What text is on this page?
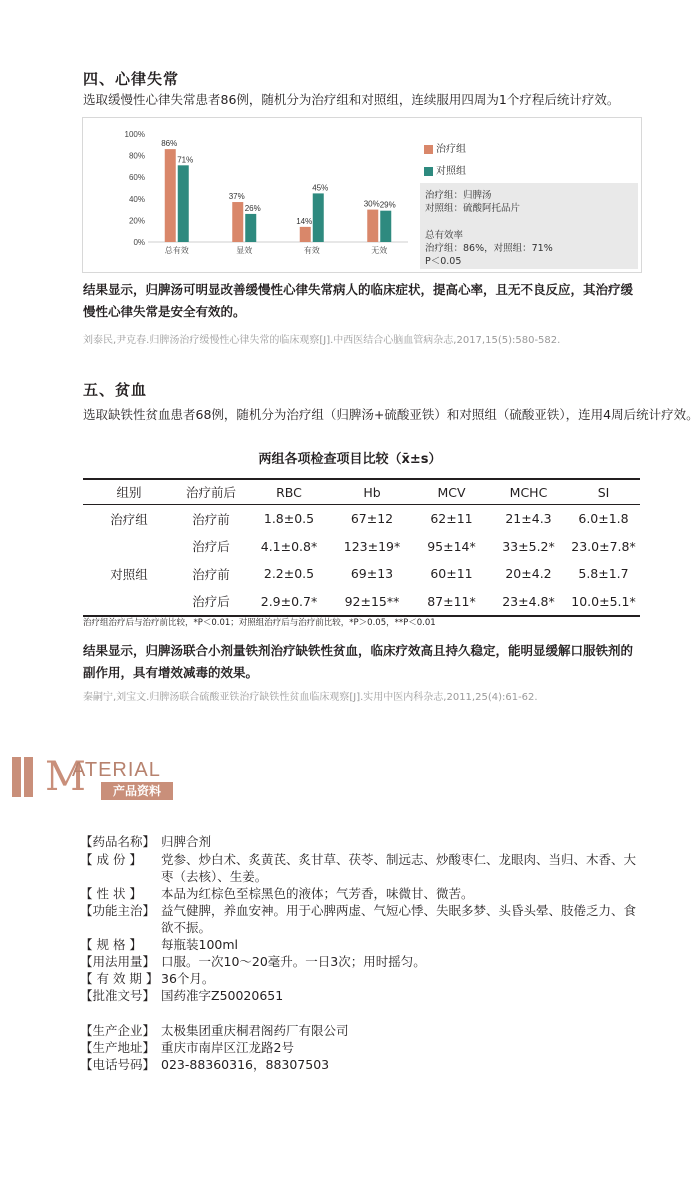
四、心律失常
选取缓慢性心律失常患者86例，随机分为治疗组和对照组，连续服用四周为1个疗程后统计疗效。
0%
20%
40%
60%
80%
100%
86%
71%
总有效
37%
26%
显效
14%
45%
有效
30% 29%
无效
治疗组
对照组
治疗组：归脾汤
对照组：硫酸阿托品片
总有效率
治疗组：86%，对照组：71%
P＜0.05
结果显示，归脾汤可明显改善缓慢性心律失常病人的临床症状，提高心率，且无不良反应，其治疗缓慢性心律失常是安全有效的。
刘泰民,尹克春.归脾汤治疗缓慢性心律失常的临床观察[J].中西医结合心脑血管病杂志,2017,15(5):580-582.
五、贫血
选取缺铁性贫血患者68例，随机分为治疗组（归脾汤+硫酸亚铁）和对照组（硫酸亚铁），连用4周后统计疗效。
两组各项检查项目比较（x̄±s）
组别	治疗前后	RBC	Hb	MCV	MCHC	SI
治疗组	治疗前	1.8±0.5	67±12	62±11	21±4.3	6.0±1.8
	治疗后	4.1±0.8*	123±19*	95±14*	33±5.2*	23.0±7.8*
对照组	治疗前	2.2±0.5	69±13	60±11	20±4.2	5.8±1.7
	治疗后	2.9±0.7*	92±15**	87±11*	23±4.8*	10.0±5.1*
治疗组治疗后与治疗前比较，*P＜0.01；对照组治疗后与治疗前比较，*P＞0.05，**P＜0.01
结果显示，归脾汤联合小剂量铁剂治疗缺铁性贫血，临床疗效高且持久稳定，能明显缓解口服铁剂的副作用，具有增效减毒的效果。
秦嗣宁,刘宝文.归脾汤联合硫酸亚铁治疗缺铁性贫血临床观察[J].实用中医内科杂志,2011,25(4):61-62.
M
ATERIAL
产品资料
【药品名称】 归脾合剂
【 成 份 】	党参、炒白术、炙黄芪、炙甘草、茯苓、制远志、炒酸枣仁、龙眼肉、当归、木香、大枣（去核）、生姜。
【 性 状 】	本品为红棕色至棕黑色的液体；气芳香，味微甘、微苦。
【功能主治】 益气健脾，养血安神。用于心脾两虚、气短心悸、失眠多梦、头昏头晕、肢倦乏力、食欲不振。
【 规 格 】	每瓶装100ml
【用法用量】 口服。一次10～20毫升。一日3次；用时摇匀。
【 有 效 期 】 36个月。
【批准文号】 国药准字Z50020651
【生产企业】 太极集团重庆桐君阁药厂有限公司
【生产地址】 重庆市南岸区江龙路2号
【电话号码】 023-88360316，88307503
